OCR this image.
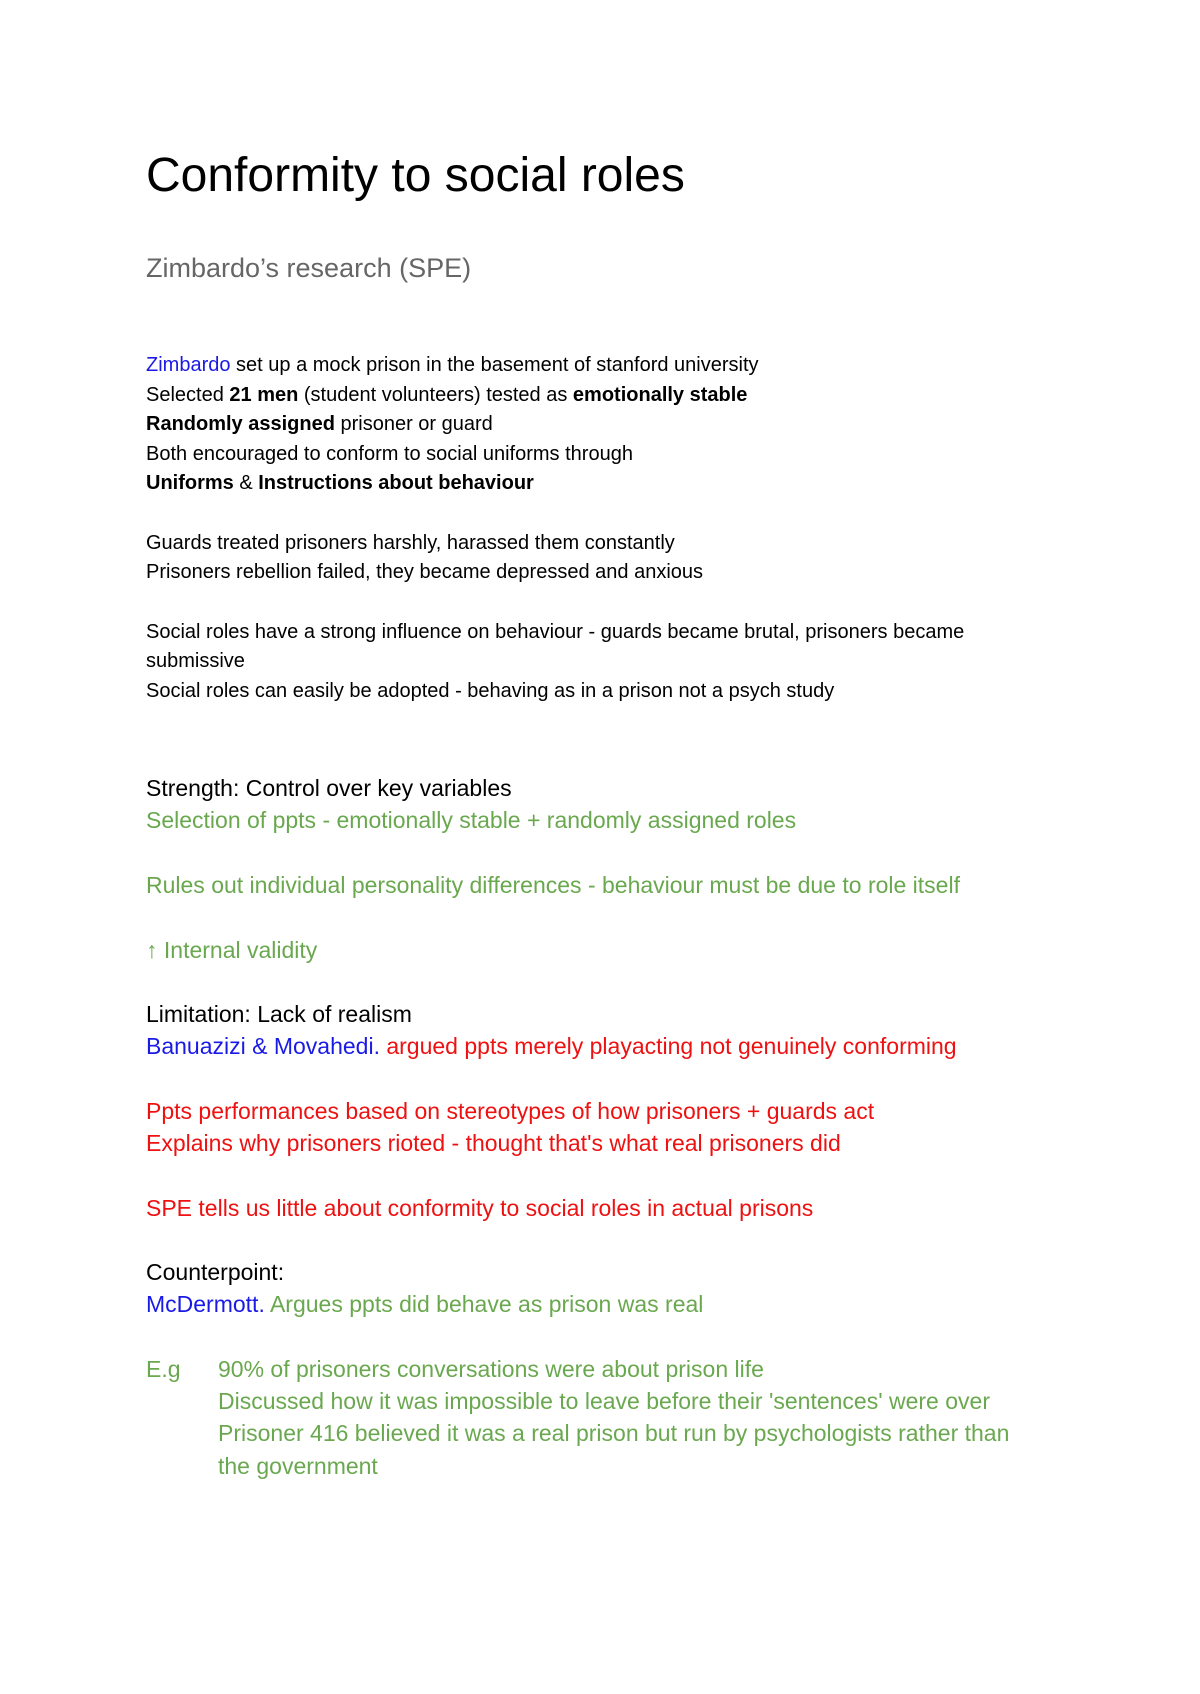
Conformity to social roles
Zimbardo’s research (SPE)
Zimbardo set up a mock prison in the basement of stanford university
Selected 21 men (student volunteers) tested as emotionally stable
Randomly assigned prisoner or guard
Both encouraged to conform to social uniforms through
Uniforms & Instructions about behaviour
Guards treated prisoners harshly, harassed them constantly
Prisoners rebellion failed, they became depressed and anxious
Social roles have a strong influence on behaviour - guards became brutal, prisoners became
submissive
Social roles can easily be adopted - behaving as in a prison not a psych study
Strength: Control over key variables
Selection of ppts - emotionally stable + randomly assigned roles
Rules out individual personality differences - behaviour must be due to role itself
↑ Internal validity
Limitation: Lack of realism
Banuazizi & Movahedi. argued ppts merely playacting not genuinely conforming
Ppts performances based on stereotypes of how prisoners + guards act
Explains why prisoners rioted - thought that's what real prisoners did
SPE tells us little about conformity to social roles in actual prisons
Counterpoint:
McDermott. Argues ppts did behave as prison was real
E.g 90% of prisoners conversations were about prison life
Discussed how it was impossible to leave before their 'sentences' were over
Prisoner 416 believed it was a real prison but run by psychologists rather than
the government
